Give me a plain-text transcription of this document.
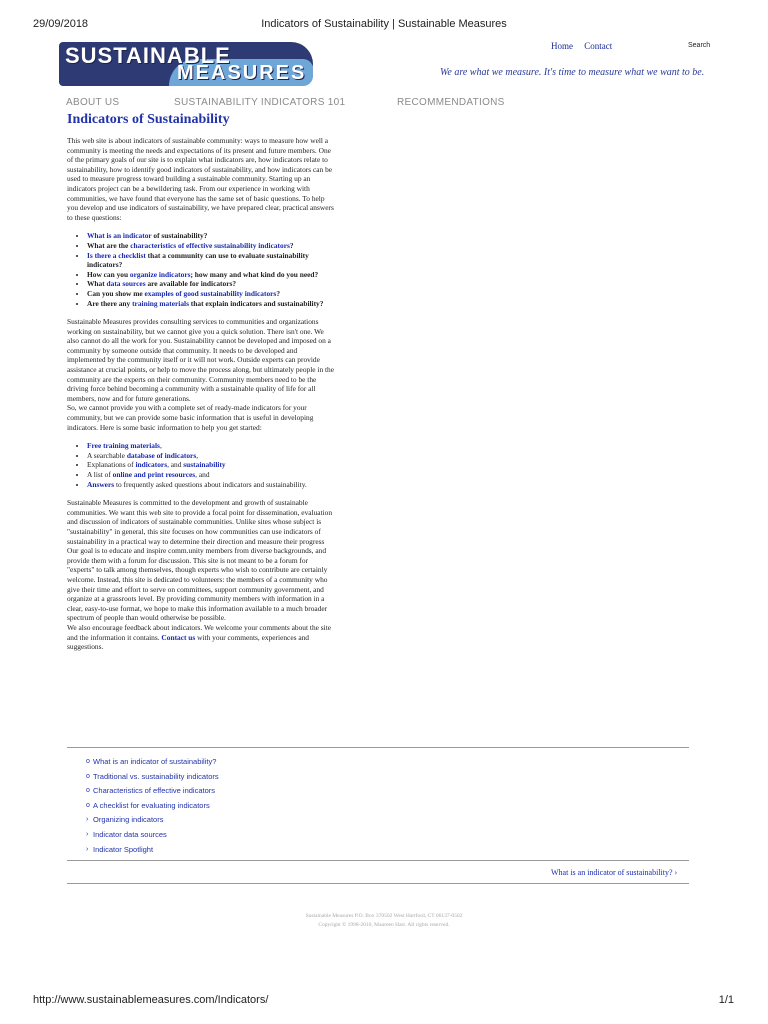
29/09/2018	Indicators of Sustainability | Sustainable Measures
SUSTAINABLE
MEASURES
Home Contact	Search
We are what we measure. It's time to measure what we want to be.
ABOUT US	SUSTAINABILITY INDICATORS 101	RECOMMENDATIONS
Indicators of Sustainability

This web site is about indicators of sustainable community: ways to measure how well a community is meeting the needs and expectations of its present and future members. One of the primary goals of our site is to explain what indicators are, how indicators relate to sustainability, how to identify good indicators of sustainability, and how indicators can be used to measure progress toward building a sustainable community. Starting up an indicators project can be a bewildering task. From our experience in working with communities, we have found that everyone has the same set of basic questions. To help you develop and use indicators of sustainability, we have prepared clear, practical answers to these questions:

• What is an indicator of sustainability?
• What are the characteristics of effective sustainability indicators?
• Is there a checklist that a community can use to evaluate sustainability indicators?
• How can you organize indicators; how many and what kind do you need?
• What data sources are available for indicators?
• Can you show me examples of good sustainability indicators?
• Are there any training materials that explain indicators and sustainability?

Sustainable Measures provides consulting services to communities and organizations working on sustainability, but we cannot give you a quick solution. There isn't one. We also cannot do all the work for you. Sustainability cannot be developed and imposed on a community by someone outside that community. It needs to be developed and implemented by the community itself or it will not work. Outside experts can provide assistance at crucial points, or help to move the process along, but ultimately people in the community are the experts on their community. Community members need to be the driving force behind becoming a community with a sustainable quality of life for all members, now and for future generations.

So, we cannot provide you with a complete set of ready-made indicators for your community, but we can provide some basic information that is useful in developing indicators. Here is some basic information to help you get started:

• Free training materials,
• A searchable database of indicators,
• Explanations of indicators, and sustainability
• A list of online and print resources, and
• Answers to frequently asked questions about indicators and sustainability.

Sustainable Measures is committed to the development and growth of sustainable communities. We want this web site to provide a focal point for dissemination, evaluation and discussion of indicators of sustainable communities. Unlike sites whose subject is "sustainability" in general, this site focuses on how communities can use indicators of sustainability in a practical way to determine their direction and measure their progress

Our goal is to educate and inspire comm.unity members from diverse backgrounds, and provide them with a forum for discussion. This site is not meant to be a forum for "experts" to talk among themselves, though experts who wish to contribute are certainly welcome. Instead, this site is dedicated to volunteers: the members of a community who give their time and effort to serve on committees, support community government, and organize at a grassroots level. By providing community members with information in a clear, easy-to-use format, we hope to make this information available to a much broader spectrum of people than would otherwise be possible.

We also encourage feedback about indicators. We welcome your comments about the site and the information it contains. Contact us with your comments, experiences and suggestions.

o What is an indicator of sustainability?
o Traditional vs. sustainability indicators
o Characteristics of effective indicators
o A checklist for evaluating indicators
› Organizing indicators
› Indicator data sources
› Indicator Spotlight
What is an indicator of sustainability? ›
Sustainable Measures P.O. Box 370502 West Hartford, CT 06137-0502
Copyright © 1998-2010, Maureen Hart. All rights reserved.
http://www.sustainablemeasures.com/Indicators/	1/1
